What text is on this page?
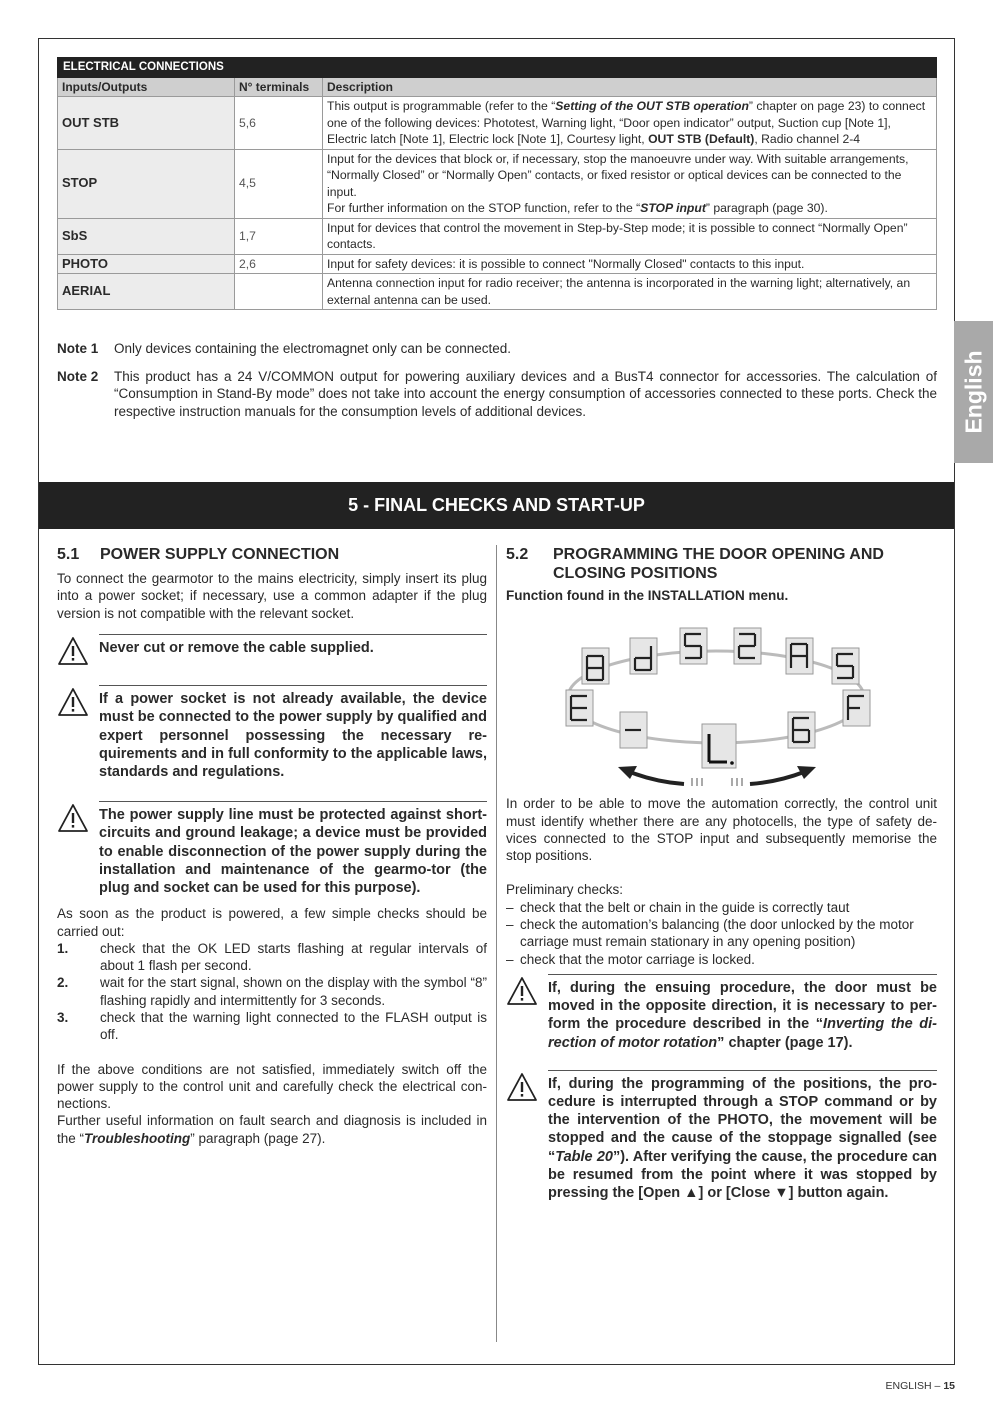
ELECTRICAL CONNECTIONS		
Inputs/Outputs	N° terminals	Description
OUT STB	5,6	This output is programmable (refer to the “Setting of the OUT STB operation” chapter on page 23) to connect one of the following devices: Phototest, Warning light, “Door open indicator” output, Suction cup [Note 1], Electric latch [Note 1], Electric lock [Note 1], Courtesy light, OUT STB (Default), Radio channel 2-4
STOP	4,5	Input for the devices that block or, if necessary, stop the manoeuvre under way. With suitable arrangements, “Normally Closed” or “Normally Open” contacts, or fixed resistor or optical devices can be connected to the input.
For further information on the STOP function, refer to the “STOP input” paragraph (page 30).
SbS	1,7	Input for devices that control the movement in Step-by-Step mode; it is possible to connect “Normally Open” contacts.
PHOTO	2,6	Input for safety devices: it is possible to connect "Normally Closed" contacts to this input.
AERIAL		Antenna connection input for radio receiver; the antenna is incorporated in the warning light; alternatively, an external antenna can be used.
Note 1	Only devices containing the electromagnet only can be connected.
Note 2	This product has a 24 V/COMMON output for powering auxiliary devices and a BusT4 connector for accessories. The calculation of “Consumption in Stand-By mode” does not take into account the energy consumption of accessories connected to these ports. Check the respective instruction manuals for the consumption levels of additional devices.	English
5 - FINAL CHECKS AND START-UP
5.1	POWER SUPPLY CONNECTION

To connect the gearmotor to the mains electricity, simply insert its plug into a power socket; if necessary, use a common adapter if the plug version is not compatible with the relevant socket.

Never cut or remove the cable supplied.
If a power socket is not already available, the device must be connected to the power supply by qualified and expert personnel possessing the necessary re-quirements and in full conformity to the applicable laws, standards and regulations.
The power supply line must be protected against short-circuits and ground leakage; a device must be provided to enable disconnection of the power supply during the installation and maintenance of the gearmo-tor (the plug and socket can be used for this purpose).

As soon as the product is powered, a few simple checks should be carried out:

1.	check that the OK LED starts flashing at regular intervals of about 1 flash per second.
2.	wait for the start signal, shown on the display with the symbol “8” flashing rapidly and intermittently for 3 seconds.
3.	check that the warning light connected to the FLASH output is off.

If the above conditions are not satisfied, immediately switch off the power supply to the control unit and carefully check the electrical con-nections.

Further useful information on fault search and diagnosis is included in the “Troubleshooting” paragraph (page 27).

5.2	PROGRAMMING THE DOOR OPENING AND CLOSING POSITIONS

Function found in the INSTALLATION menu.

In order to be able to move the automation correctly, the control unit must identify whether there are any photocells, the type of safety de-vices connected to the STOP input and subsequently memorise the stop positions.

Preliminary checks:

– check that the belt or chain in the guide is correctly taut
– check the automation’s balancing (the door unlocked by the motor carriage must remain stationary in any opening position)
– check that the motor carriage is locked.
If, during the ensuing procedure, the door must be moved in the opposite direction, it is necessary to per-form the procedure described in the “Inverting the di-rection of motor rotation” chapter (page 17).
If, during the programming of the positions, the pro-cedure is interrupted through a STOP command or by the intervention of the PHOTO, the movement will be stopped and the cause of the stoppage signalled (see “Table 20”). After verifying the cause, the procedure can be resumed from the point where it was stopped by pressing the [Open ▲] or [Close ▼] button again.
ENGLISH – 15
